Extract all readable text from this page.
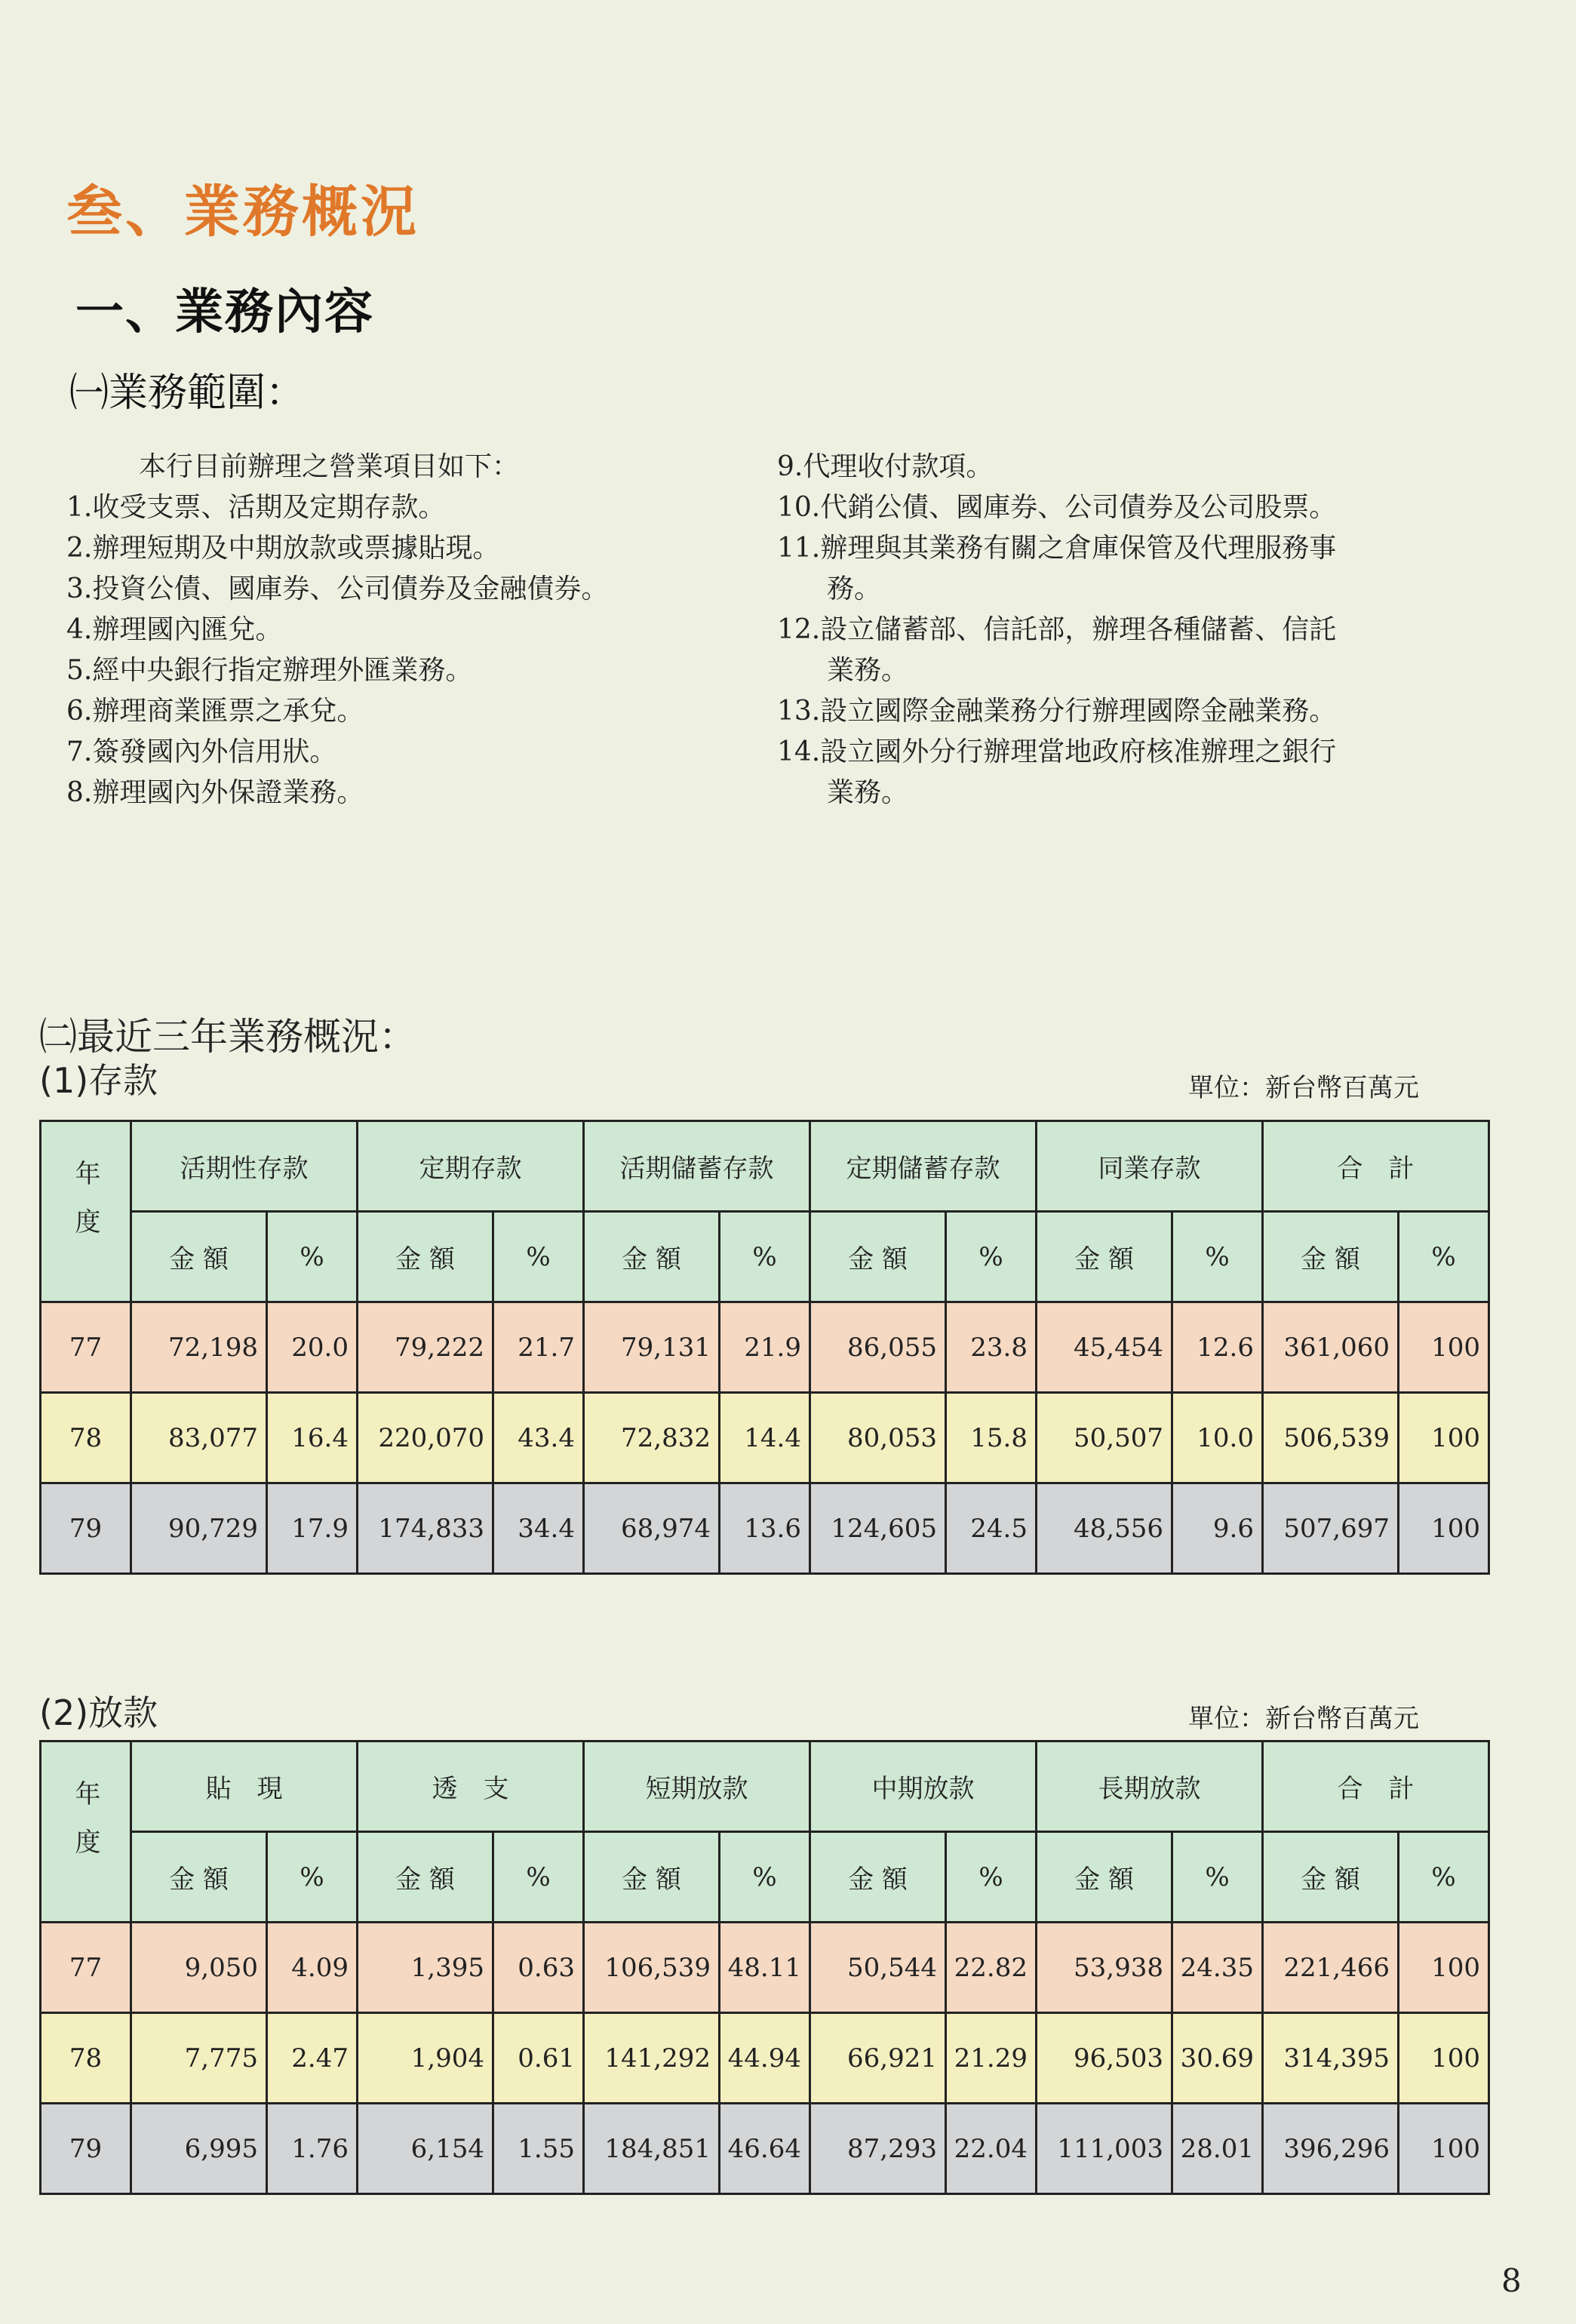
叁、業務概況
一、業務內容
㈠業務範圍：
本行目前辦理之營業項目如下：
1.收受支票、活期及定期存款。
2.辦理短期及中期放款或票據貼現。
3.投資公債、國庫券、公司債券及金融債券。
4.辦理國內匯兌。
5.經中央銀行指定辦理外匯業務。
6.辦理商業匯票之承兌。
7.簽發國內外信用狀。
8.辦理國內外保證業務。
9.代理收付款項。
10.代銷公債、國庫券、公司債券及公司股票。
11.辦理與其業務有關之倉庫保管及代理服務事
務。
12.設立儲蓄部、信託部，辦理各種儲蓄、信託
業務。
13.設立國際金融業務分行辦理國際金融業務。
14.設立國外分行辦理當地政府核准辦理之銀行
業務。
㈡最近三年業務概況：
(1)存款	單位：新台幣百萬元
年度	活期性存款		定期存款		活期儲蓄存款		定期儲蓄存款		同業存款		合　計	
	金 額	%	金 額	%	金 額	%	金 額	%	金 額	%	金 額	%
77	72,198	20.0	79,222	21.7	79,131	21.9	86,055	23.8	45,454	12.6	361,060	100
78	83,077	16.4	220,070	43.4	72,832	14.4	80,053	15.8	50,507	10.0	506,539	100
79	90,729	17.9	174,833	34.4	68,974	13.6	124,605	24.5	48,556	9.6	507,697	100
(2)放款	單位：新台幣百萬元
年度	貼　現		透　支		短期放款		中期放款		長期放款		合　計	
	金 額	%	金 額	%	金 額	%	金 額	%	金 額	%	金 額	%
77	9,050	4.09	1,395	0.63	106,539	48.11	50,544	22.82	53,938	24.35	221,466	100
78	7,775	2.47	1,904	0.61	141,292	44.94	66,921	21.29	96,503	30.69	314,395	100
79	6,995	1.76	6,154	1.55	184,851	46.64	87,293	22.04	111,003	28.01	396,296	100
8
